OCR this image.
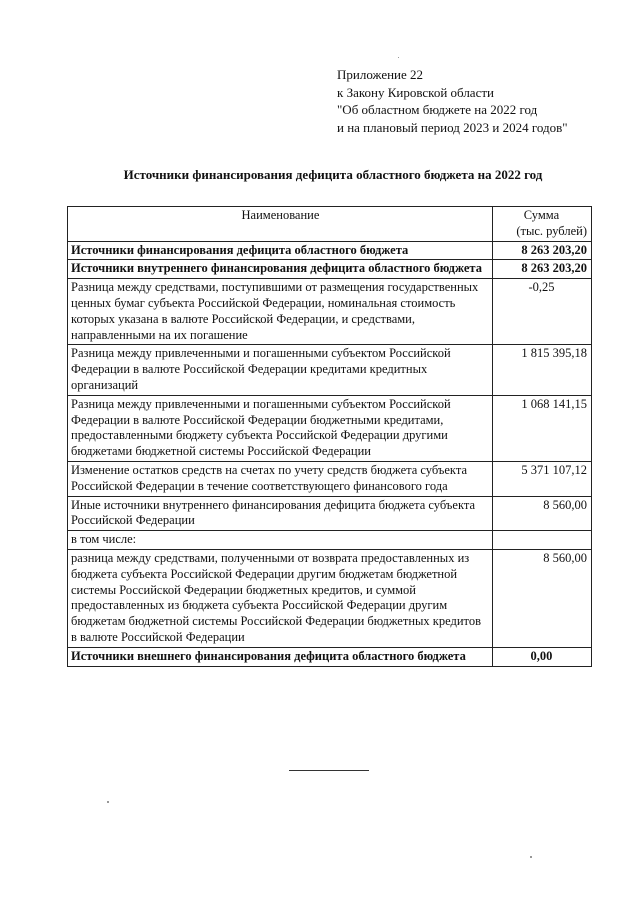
Приложение 22
к Закону Кировской области
"Об областном бюджете на 2022 год
и на плановый период 2023 и 2024 годов"
Источники финансирования дефицита областного бюджета на 2022 год
Наименование	Сумма
(тыс. рублей)

Источники финансирования дефицита областного бюджета	8 263 203,20
Источники внутреннего финансирования дефицита областного бюджета	8 263 203,20
Разница между средствами, поступившими от размещения государственных ценных бумаг субъекта Российской Федерации, номинальная стоимость которых указана в валюте Российской Федерации, и средствами, направленными на их погашение	-0,25
Разница между привлеченными и погашенными субъектом Российской Федерации в валюте Российской Федерации кредитами кредитных организаций	1 815 395,18
Разница между привлеченными и погашенными субъектом Российской Федерации в валюте Российской Федерации бюджетными кредитами, предоставленными бюджету субъекта Российской Федерации другими бюджетами бюджетной системы Российской Федерации	1 068 141,15
Изменение остатков средств на счетах по учету средств бюджета субъекта Российской Федерации в течение соответствующего финансового года	5 371 107,12
Иные источники внутреннего финансирования дефицита бюджета субъекта Российской Федерации	8 560,00
в том числе:	
разница между средствами, полученными от возврата предоставленных из бюджета субъекта Российской Федерации другим бюджетам бюджетной системы Российской Федерации бюджетных кредитов, и суммой предоставленных из бюджета субъекта Российской Федерации другим бюджетам бюджетной системы Российской Федерации бюджетных кредитов в валюте Российской Федерации	8 560,00
Источники внешнего финансирования дефицита областного бюджета	0,00
